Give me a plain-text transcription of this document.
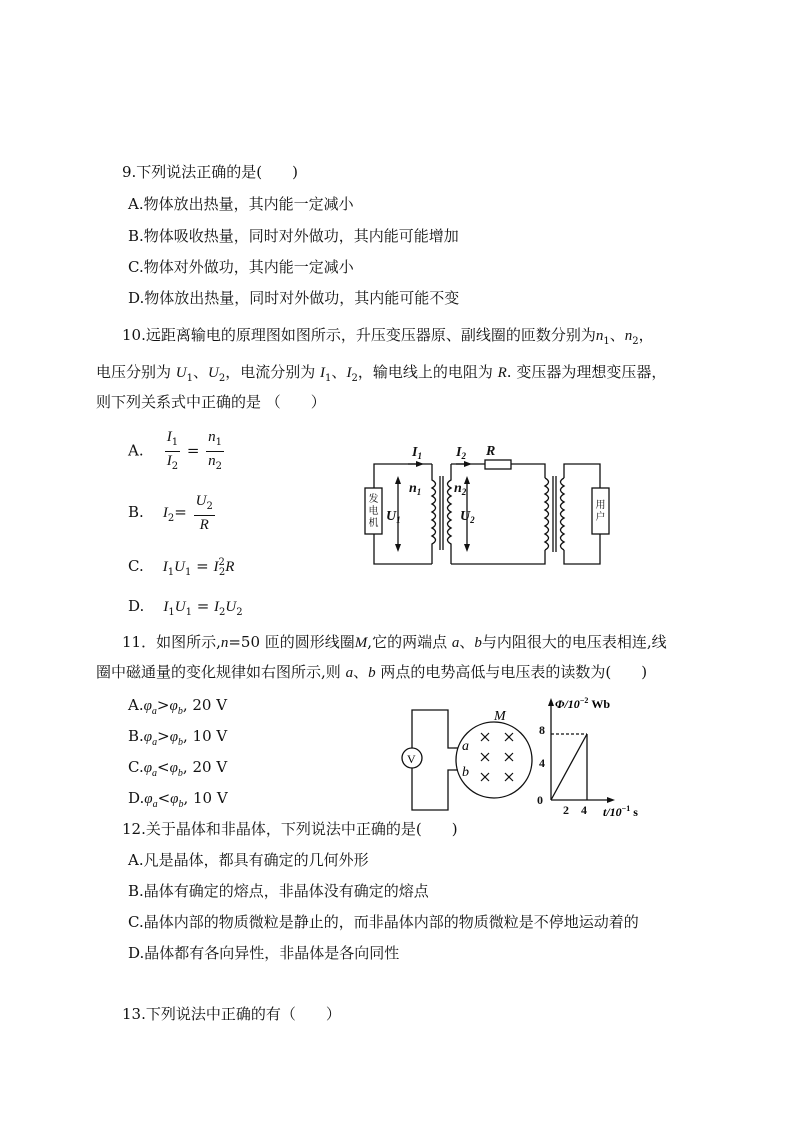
9.下列说法正确的是(　　)
A.物体放出热量，其内能一定减小
B.物体吸收热量，同时对外做功，其内能可能增加
C.物体对外做功，其内能一定减小
D.物体放出热量，同时对外做功，其内能可能不变
10.远距离输电的原理图如图所示，升压变压器原、副线圈的匝数分别为$n_1$、$n_2$，
电压分别为 $U_1$、$U_2$，电流分别为 $I_1$、$I_2$，输电线上的电阻为 R. 变压器为理想变压器，
则下列关系式中正确的是 （　　）
A. $\frac{I_1}{I_2} = \frac{n_1}{n_2}$
B. $I_2= \frac{U_2}{R}$
C. $I_1U_1 = I^2_2R$
D. $I_1U_1 = I_2U_2$
$I_1$ $I_2$ R
$n_1$ $n_2$
$U_1$	$U_2$
发
电
机
用
户
11．如图所示,n=50 匝的圆形线圈M,它的两端点 a、b与内阻很大的电压表相连,线
圈中磁通量的变化规律如右图所示,则 a、b 两点的电势高低与电压表的读数为(　　)
$A.\varphi_a>\varphi_b$, 20 V
$B.\varphi_a>\varphi_b$, 10 V
$C.\varphi_a<\varphi_b$, 20 V
$D.\varphi_a<\varphi_b$, 10 V
V
M
a
b
8
4
0
2 4
$\Phi/10^{-2}$ Wb
$t/10^{-1}$ s
12.关于晶体和非晶体，下列说法中正确的是(　　)
A.凡是晶体，都具有确定的几何外形
B.晶体有确定的熔点，非晶体没有确定的熔点
C.晶体内部的物质微粒是静止的，而非晶体内部的物质微粒是不停地运动着的
D.晶体都有各向异性，非晶体是各向同性
13.下列说法中正确的有（　　）
